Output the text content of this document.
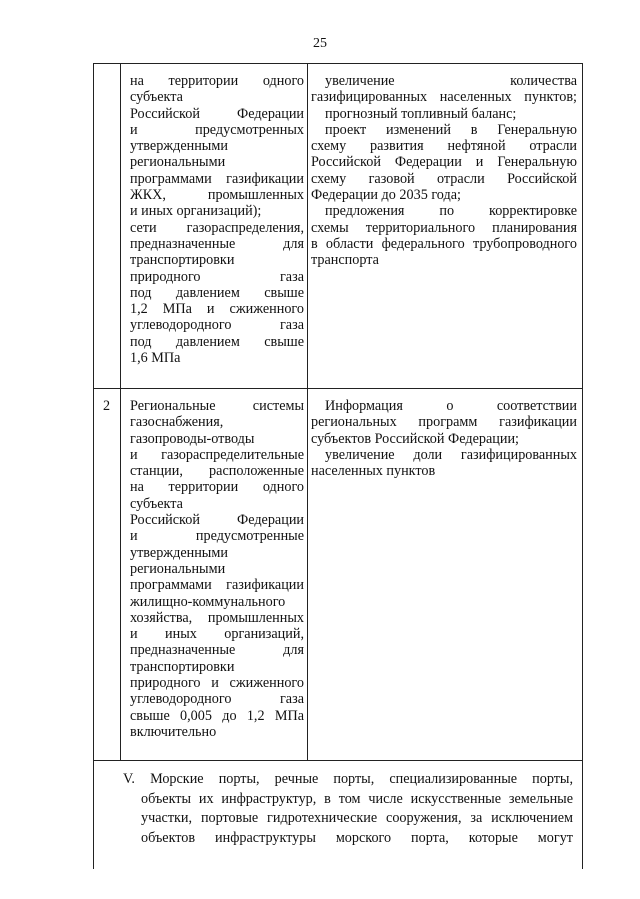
25
на территории одного
субъекта
Российской Федерации
и предусмотренных
утвержденными
региональными
программами газификации
ЖКХ, промышленных
и иных организаций);
сети газораспределения,
предназначенные для
транспортировки
природного газа
под давлением свыше
1,2 МПа и сжиженного
углеводородного газа
под давлением свыше
1,6 МПа
увеличение количества
газифицированных населенных пунктов;
прогнозный топливный баланс;
проект изменений в Генеральную
схему развития нефтяной отрасли
Российской Федерации и Генеральную
схему газовой отрасли Российской
Федерации до 2035 года;
предложения по корректировке
схемы территориального планирования
в области федерального трубопроводного
транспорта
2 Региональные системы
газоснабжения,
газопроводы-отводы
и газораспределительные
станции, расположенные
на территории одного
субъекта
Российской Федерации
и предусмотренные
утвержденными
региональными
программами газификации
жилищно-коммунального
хозяйства, промышленных
и иных организаций,
предназначенные для
транспортировки
природного и сжиженного
углеводородного газа
свыше 0,005 до 1,2 МПа
включительно
Информация о соответствии
региональных программ газификации
субъектов Российской Федерации;
увеличение доли газифицированных
населенных пунктов
V. Морские порты, речные порты, специализированные порты,
объекты их инфраструктур, в том числе искусственные земельные
участки, портовые гидротехнические сооружения, за исключением
объектов инфраструктуры морского порта, которые могут
